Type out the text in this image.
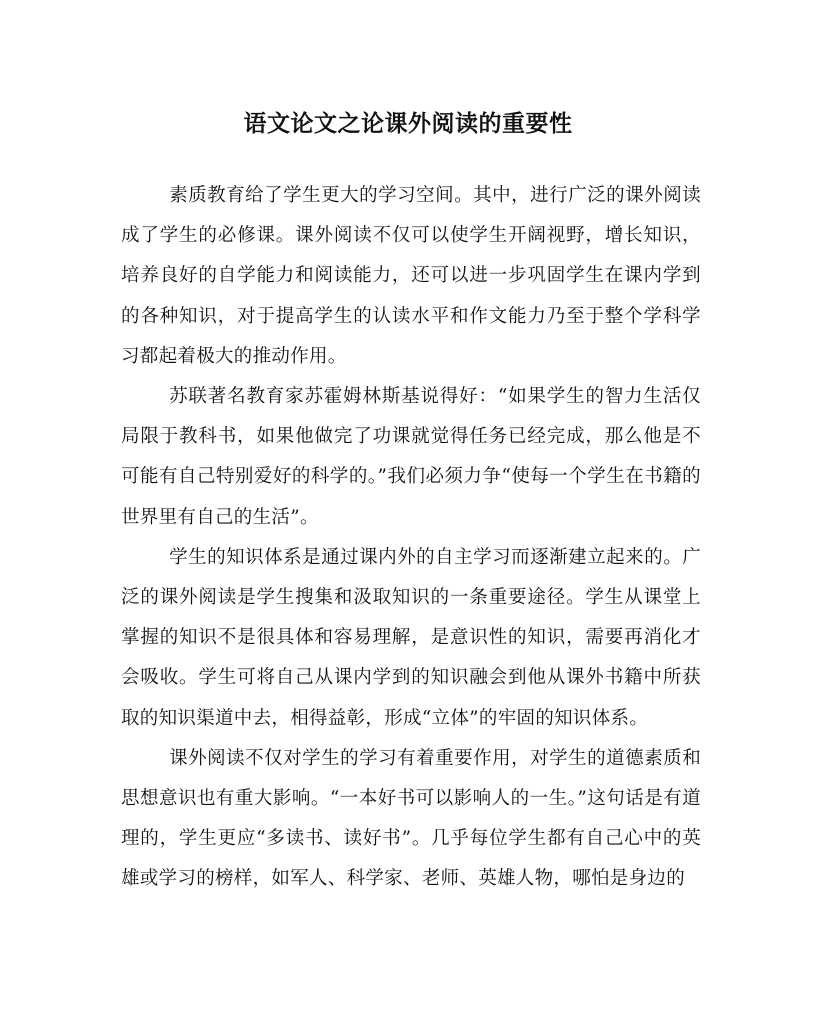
语文论文之论课外阅读的重要性

素质教育给了学生更大的学习空间。其中，进行广泛的课外阅读成了学生的必修课。课外阅读不仅可以使学生开阔视野，增长知识，培养良好的自学能力和阅读能力，还可以进一步巩固学生在课内学到的各种知识，对于提高学生的认读水平和作文能力乃至于整个学科学习都起着极大的推动作用。

苏联著名教育家苏霍姆林斯基说得好：“如果学生的智力生活仅局限于教科书，如果他做完了功课就觉得任务已经完成，那么他是不可能有自己特别爱好的科学的。”我们必须力争“使每一个学生在书籍的世界里有自己的生活”。

学生的知识体系是通过课内外的自主学习而逐渐建立起来的。广泛的课外阅读是学生搜集和汲取知识的一条重要途径。学生从课堂上掌握的知识不是很具体和容易理解，是意识性的知识，需要再消化才会吸收。学生可将自己从课内学到的知识融会到他从课外书籍中所获取的知识渠道中去，相得益彰，形成“立体”的牢固的知识体系。

课外阅读不仅对学生的学习有着重要作用，对学生的道德素质和思想意识也有重大影响。“一本好书可以影响人的一生。”这句话是有道理的，学生更应“多读书、读好书”。几乎每位学生都有自己心中的英雄或学习的榜样，如军人、科学家、老师、英雄人物，哪怕是身边的
